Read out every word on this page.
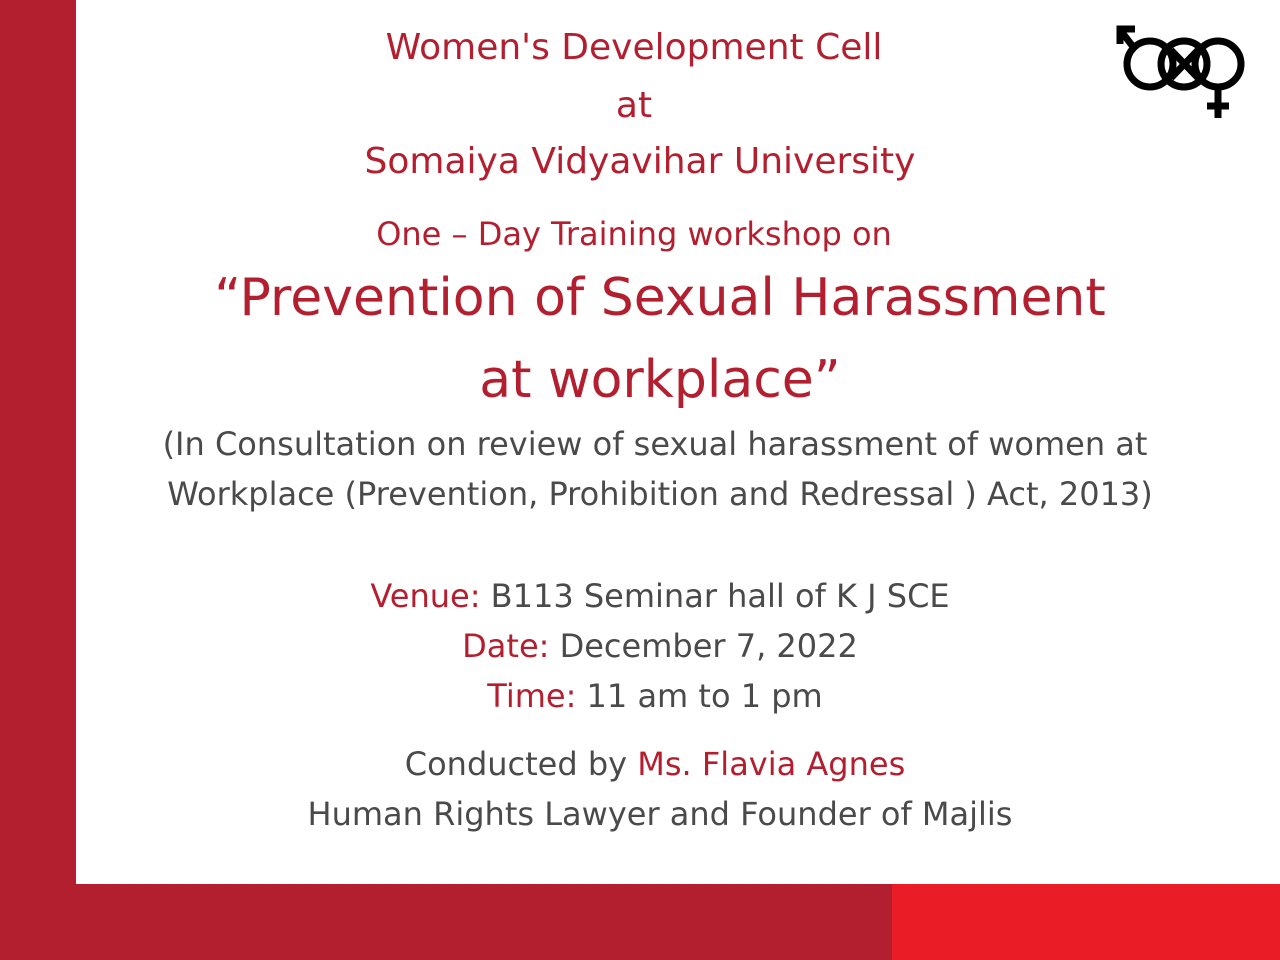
Women's Development Cell
at
Somaiya Vidyavihar University
One – Day Training workshop on
“Prevention of Sexual Harassment
at workplace”
(In Consultation on review of sexual harassment of women at
Workplace (Prevention, Prohibition and Redressal ) Act, 2013)
Venue: B113 Seminar hall of K J SCE
Date: December 7, 2022
Time: 11 am to 1 pm
Conducted by Ms. Flavia Agnes
Human Rights Lawyer and Founder of Majlis
